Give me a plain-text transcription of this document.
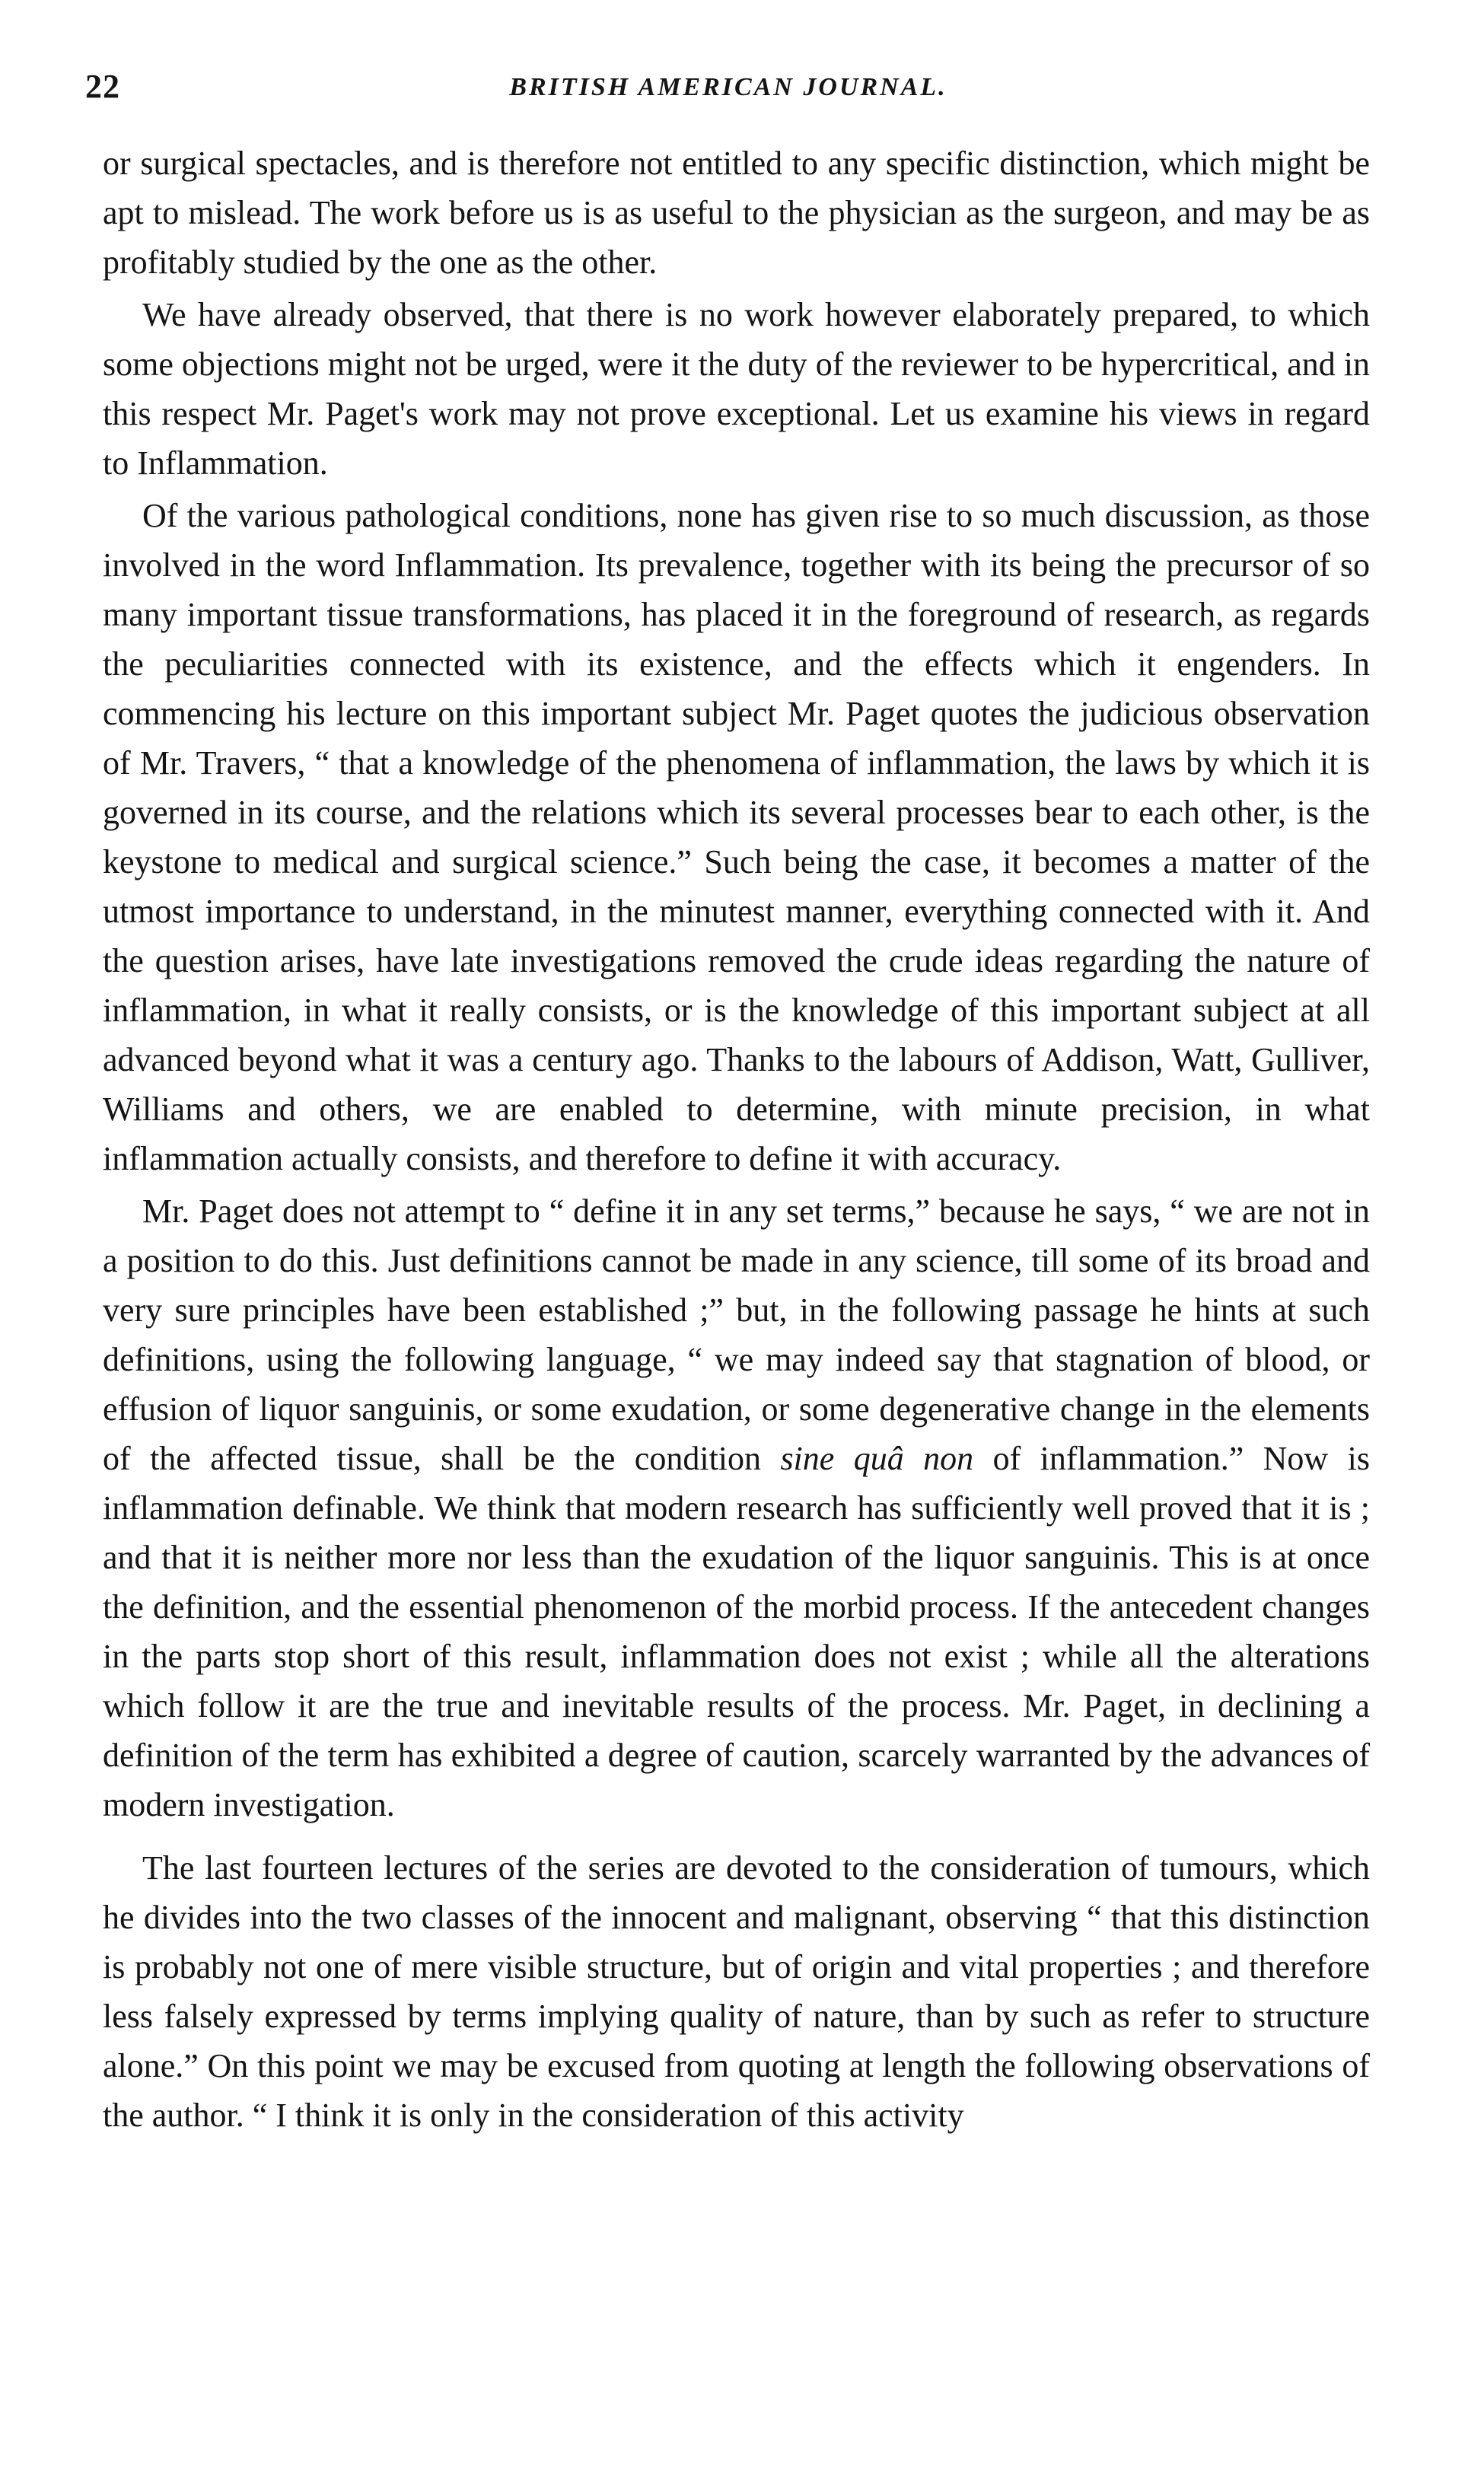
22	BRITISH AMERICAN JOURNAL.

or surgical spectacles, and is therefore not entitled to any specific distinction, which might be apt to mislead. The work before us is as useful to the physician as the surgeon, and may be as profitably studied by the one as the other.

We have already observed, that there is no work however elaborately prepared, to which some objections might not be urged, were it the duty of the reviewer to be hypercritical, and in this respect Mr. Paget's work may not prove exceptional. Let us examine his views in regard to Inflammation.

Of the various pathological conditions, none has given rise to so much discussion, as those involved in the word Inflammation. Its prevalence, together with its being the precursor of so many important tissue transformations, has placed it in the foreground of research, as regards the peculiarities connected with its existence, and the effects which it engenders. In commencing his lecture on this important subject Mr. Paget quotes the judicious observation of Mr. Travers, “ that a knowledge of the phenomena of inflammation, the laws by which it is governed in its course, and the relations which its several processes bear to each other, is the keystone to medical and surgical science.” Such being the case, it becomes a matter of the utmost importance to understand, in the minutest manner, everything connected with it. And the question arises, have late investigations removed the crude ideas regarding the nature of inflammation, in what it really consists, or is the knowledge of this important subject at all advanced beyond what it was a century ago. Thanks to the labours of Addison, Watt, Gulliver, Williams and others, we are enabled to determine, with minute precision, in what inflammation actually consists, and therefore to define it with accuracy.

Mr. Paget does not attempt to “ define it in any set terms,” because he says, “ we are not in a position to do this. Just definitions cannot be made in any science, till some of its broad and very sure principles have been established ;” but, in the following passage he hints at such definitions, using the following language, “ we may indeed say that stagnation of blood, or effusion of liquor sanguinis, or some exudation, or some degenerative change in the elements of the affected tissue, shall be the condition sine quâ non of inflammation.” Now is inflammation definable. We think that modern research has sufficiently well proved that it is ; and that it is neither more nor less than the exudation of the liquor sanguinis. This is at once the definition, and the essential phenomenon of the morbid process. If the antecedent changes in the parts stop short of this result, inflammation does not exist ; while all the alterations which follow it are the true and inevitable results of the process. Mr. Paget, in declining a definition of the term has exhibited a degree of caution, scarcely warranted by the advances of modern investigation.

The last fourteen lectures of the series are devoted to the consideration of tumours, which he divides into the two classes of the innocent and malignant, observing “ that this distinction is probably not one of mere visible structure, but of origin and vital properties ; and therefore less falsely expressed by terms implying quality of nature, than by such as refer to structure alone.” On this point we may be excused from quoting at length the following observations of the author. “ I think it is only in the consideration of this activity
